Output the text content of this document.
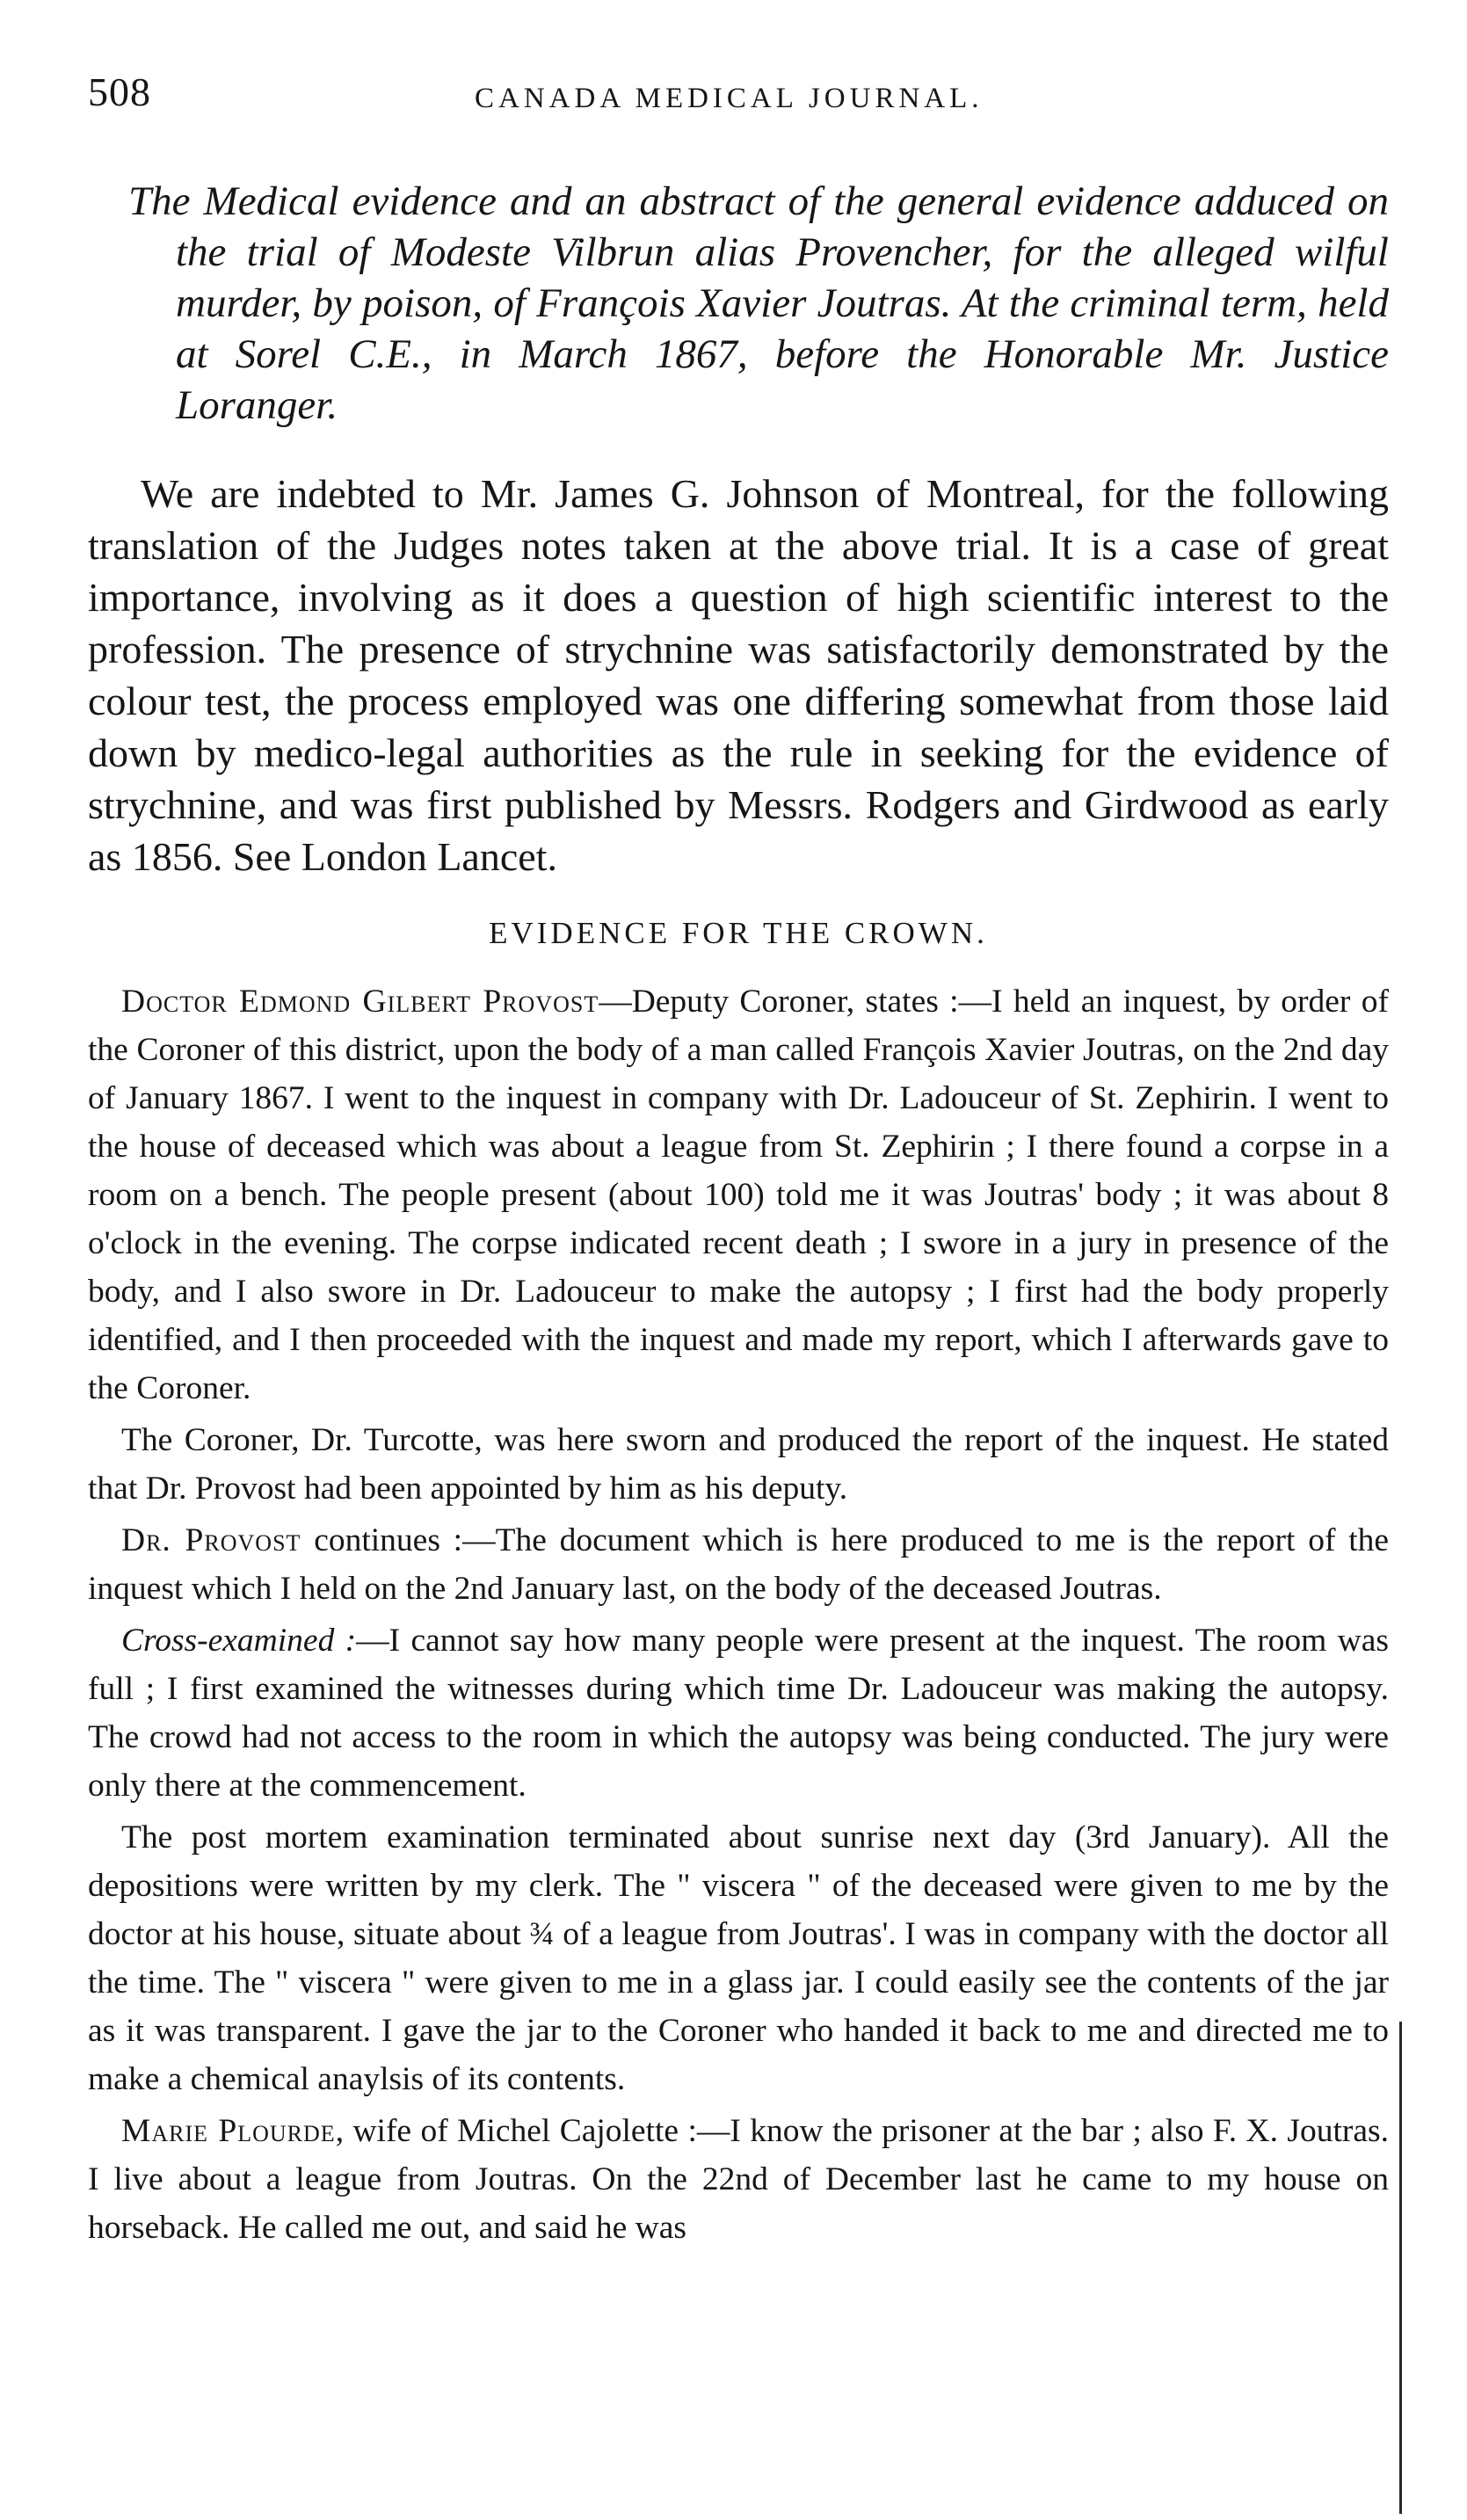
508	CANADA MEDICAL JOURNAL.

The Medical evidence and an abstract of the general evidence adduced on the trial of Modeste Vilbrun alias Provencher, for the alleged wilful murder, by poison, of François Xavier Joutras. At the criminal term, held at Sorel C.E., in March 1867, before the Honorable Mr. Justice Loranger.

We are indebted to Mr. James G. Johnson of Montreal, for the following translation of the Judges notes taken at the above trial. It is a case of great importance, involving as it does a question of high scientific interest to the profession. The presence of strychnine was satisfactorily demonstrated by the colour test, the process employed was one differing somewhat from those laid down by medico-legal authorities as the rule in seeking for the evidence of strychnine, and was first published by Messrs. Rodgers and Girdwood as early as 1856. See London Lancet.

EVIDENCE FOR THE CROWN.

Doctor Edmond Gilbert Provost—Deputy Coroner, states :—I held an inquest, by order of the Coroner of this district, upon the body of a man called François Xavier Joutras, on the 2nd day of January 1867. I went to the inquest in company with Dr. Ladouceur of St. Zephirin. I went to the house of deceased which was about a league from St. Zephirin ; I there found a corpse in a room on a bench. The people present (about 100) told me it was Joutras' body ; it was about 8 o'clock in the evening. The corpse indicated recent death ; I swore in a jury in presence of the body, and I also swore in Dr. Ladouceur to make the autopsy ; I first had the body properly identified, and I then proceeded with the inquest and made my report, which I afterwards gave to the Coroner.

The Coroner, Dr. Turcotte, was here sworn and produced the report of the inquest. He stated that Dr. Provost had been appointed by him as his deputy.

Dr. Provost continues :—The document which is here produced to me is the report of the inquest which I held on the 2nd January last, on the body of the deceased Joutras.

Cross-examined :—I cannot say how many people were present at the inquest. The room was full ; I first examined the witnesses during which time Dr. Ladouceur was making the autopsy. The crowd had not access to the room in which the autopsy was being conducted. The jury were only there at the commencement.

The post mortem examination terminated about sunrise next day (3rd January). All the depositions were written by my clerk. The " viscera " of the deceased were given to me by the doctor at his house, situate about ¾ of a league from Joutras'. I was in company with the doctor all the time. The " viscera " were given to me in a glass jar. I could easily see the contents of the jar as it was transparent. I gave the jar to the Coroner who handed it back to me and directed me to make a chemical anaylsis of its contents.

Marie Plourde, wife of Michel Cajolette :—I know the prisoner at the bar ; also F. X. Joutras. I live about a league from Joutras. On the 22nd of December last he came to my house on horseback. He called me out, and said he was
